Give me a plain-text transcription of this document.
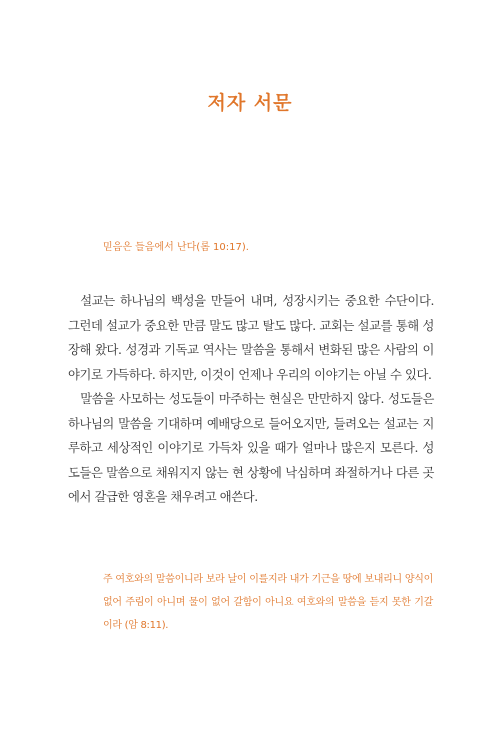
저자 서문

믿음은 들음에서 난다(롬 10:17).

설교는 하나님의 백성을 만들어 내며, 성장시키는 중요한 수단이다. 그런데 설교가 중요한 만큼 말도 많고 탈도 많다. 교회는 설교를 통해 성장해 왔다. 성경과 기독교 역사는 말씀을 통해서 변화된 많은 사람의 이야기로 가득하다. 하지만, 이것이 언제나 우리의 이야기는 아닐 수 있다.

말씀을 사모하는 성도들이 마주하는 현실은 만만하지 않다. 성도들은 하나님의 말씀을 기대하며 예배당으로 들어오지만, 들려오는 설교는 지루하고 세상적인 이야기로 가득차 있을 때가 얼마나 많은지 모른다. 성도들은 말씀으로 채워지지 않는 현 상황에 낙심하며 좌절하거나 다른 곳에서 갈급한 영혼을 채우려고 애쓴다.

주 여호와의 말씀이니라 보라 날이 이를지라 내가 기근을 땅에 보내리니 양식이 없어 주림이 아니며 물이 없어 갈함이 아니요 여호와의 말씀을 듣지 못한 기갈이라 (암 8:11).
